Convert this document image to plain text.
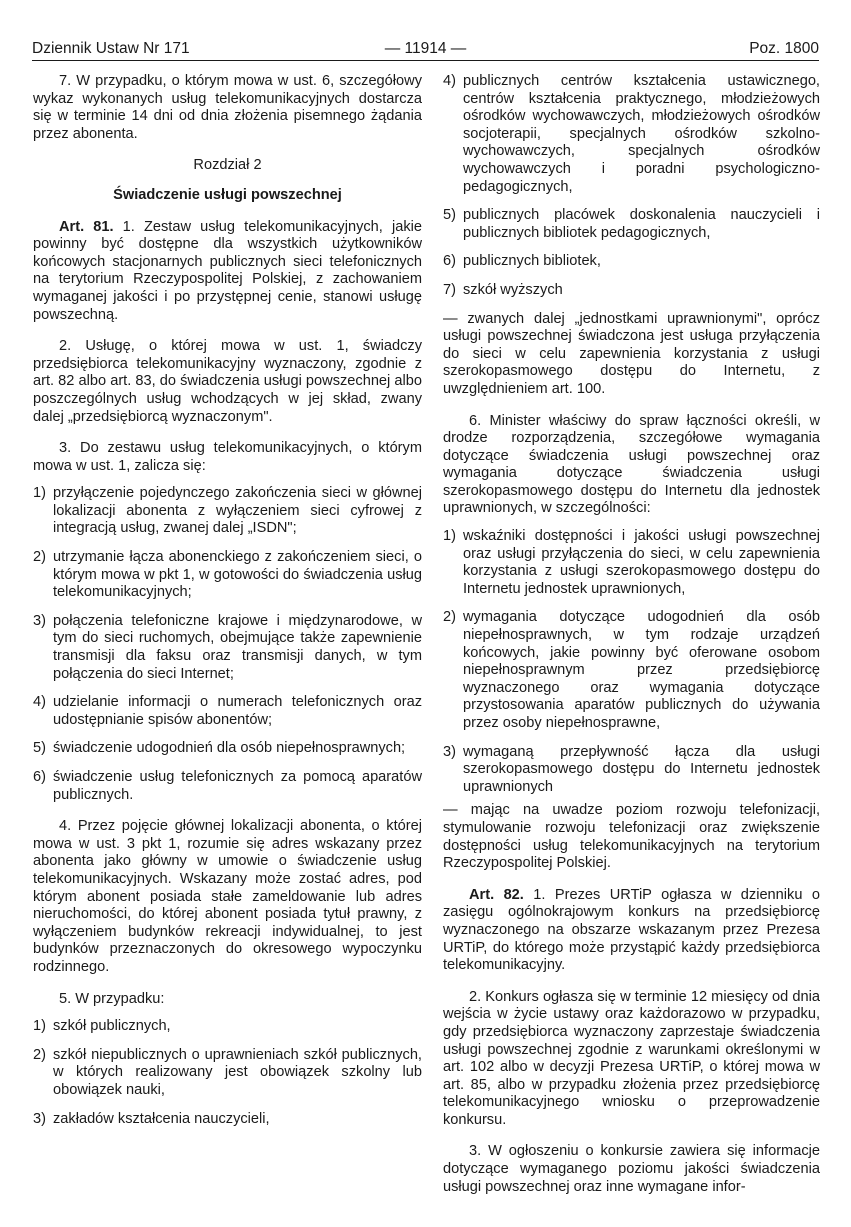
Dziennik Ustaw Nr 171	— 11914 —	Poz. 1800

7. W przypadku, o którym mowa w ust. 6, szczegółowy wykaz wykonanych usług telekomunikacyjnych dostarcza się w terminie 14 dni od dnia złożenia pisemnego żądania przez abonenta.

Rozdział 2

Świadczenie usługi powszechnej

Art. 81. 1. Zestaw usług telekomunikacyjnych, jakie powinny być dostępne dla wszystkich użytkowników końcowych stacjonarnych publicznych sieci telefonicznych na terytorium Rzeczypospolitej Polskiej, z zachowaniem wymaganej jakości i po przystępnej cenie, stanowi usługę powszechną.

2. Usługę, o której mowa w ust. 1, świadczy przedsiębiorca telekomunikacyjny wyznaczony, zgodnie z art. 82 albo art. 83, do świadczenia usługi powszechnej albo poszczególnych usług wchodzących w jej skład, zwany dalej „przedsiębiorcą wyznaczonym".

3. Do zestawu usług telekomunikacyjnych, o którym mowa w ust. 1, zalicza się:

1) przyłączenie pojedynczego zakończenia sieci w głównej lokalizacji abonenta z wyłączeniem sieci cyfrowej z integracją usług, zwanej dalej „ISDN";
2) utrzymanie łącza abonenckiego z zakończeniem sieci, o którym mowa w pkt 1, w gotowości do świadczenia usług telekomunikacyjnych;
3) połączenia telefoniczne krajowe i międzynarodowe, w tym do sieci ruchomych, obejmujące także zapewnienie transmisji dla faksu oraz transmisji danych, w tym połączenia do sieci Internet;
4) udzielanie informacji o numerach telefonicznych oraz udostępnianie spisów abonentów;
5) świadczenie udogodnień dla osób niepełnosprawnych;
6) świadczenie usług telefonicznych za pomocą aparatów publicznych.

4. Przez pojęcie głównej lokalizacji abonenta, o której mowa w ust. 3 pkt 1, rozumie się adres wskazany przez abonenta jako główny w umowie o świadczenie usług telekomunikacyjnych. Wskazany może zostać adres, pod którym abonent posiada stałe zameldowanie lub adres nieruchomości, do której abonent posiada tytuł prawny, z wyłączeniem budynków rekreacji indywidualnej, to jest budynków przeznaczonych do okresowego wypoczynku rodzinnego.

5. W przypadku:

1) szkół publicznych,
2) szkół niepublicznych o uprawnieniach szkół publicznych, w których realizowany jest obowiązek szkolny lub obowiązek nauki,
3) zakładów kształcenia nauczycieli,
4) publicznych centrów kształcenia ustawicznego, centrów kształcenia praktycznego, młodzieżowych ośrodków wychowawczych, młodzieżowych ośrodków socjoterapii, specjalnych ośrodków szkolno-wychowawczych, specjalnych ośrodków wychowawczych i poradni psychologiczno-pedagogicznych,
5) publicznych placówek doskonalenia nauczycieli i publicznych bibliotek pedagogicznych,
6) publicznych bibliotek,
7) szkół wyższych

— zwanych dalej „jednostkami uprawnionymi", oprócz usługi powszechnej świadczona jest usługa przyłączenia do sieci w celu zapewnienia korzystania z usługi szerokopasmowego dostępu do Internetu, z uwzględnieniem art. 100.

6. Minister właściwy do spraw łączności określi, w drodze rozporządzenia, szczegółowe wymagania dotyczące świadczenia usługi powszechnej oraz wymagania dotyczące świadczenia usługi szerokopasmowego dostępu do Internetu dla jednostek uprawnionych, w szczególności:

1) wskaźniki dostępności i jakości usługi powszechnej oraz usługi przyłączenia do sieci, w celu zapewnienia korzystania z usługi szerokopasmowego dostępu do Internetu jednostek uprawnionych,
2) wymagania dotyczące udogodnień dla osób niepełnosprawnych, w tym rodzaje urządzeń końcowych, jakie powinny być oferowane osobom niepełnosprawnym przez przedsiębiorcę wyznaczonego oraz wymagania dotyczące przystosowania aparatów publicznych do używania przez osoby niepełnosprawne,
3) wymaganą przepływność łącza dla usługi szerokopasmowego dostępu do Internetu jednostek uprawnionych

— mając na uwadze poziom rozwoju telefonizacji, stymulowanie rozwoju telefonizacji oraz zwiększenie dostępności usług telekomunikacyjnych na terytorium Rzeczypospolitej Polskiej.

Art. 82. 1. Prezes URTiP ogłasza w dzienniku o zasięgu ogólnokrajowym konkurs na przedsiębiorcę wyznaczonego na obszarze wskazanym przez Prezesa URTiP, do którego może przystąpić każdy przedsiębiorca telekomunikacyjny.

2. Konkurs ogłasza się w terminie 12 miesięcy od dnia wejścia w życie ustawy oraz każdorazowo w przypadku, gdy przedsiębiorca wyznaczony zaprzestaje świadczenia usługi powszechnej zgodnie z warunkami określonymi w art. 102 albo w decyzji Prezesa URTiP, o której mowa w art. 85, albo w przypadku złożenia przez przedsiębiorcę telekomunikacyjnego wniosku o przeprowadzenie konkursu.

3. W ogłoszeniu o konkursie zawiera się informacje dotyczące wymaganego poziomu jakości świadczenia usługi powszechnej oraz inne wymagane infor-
